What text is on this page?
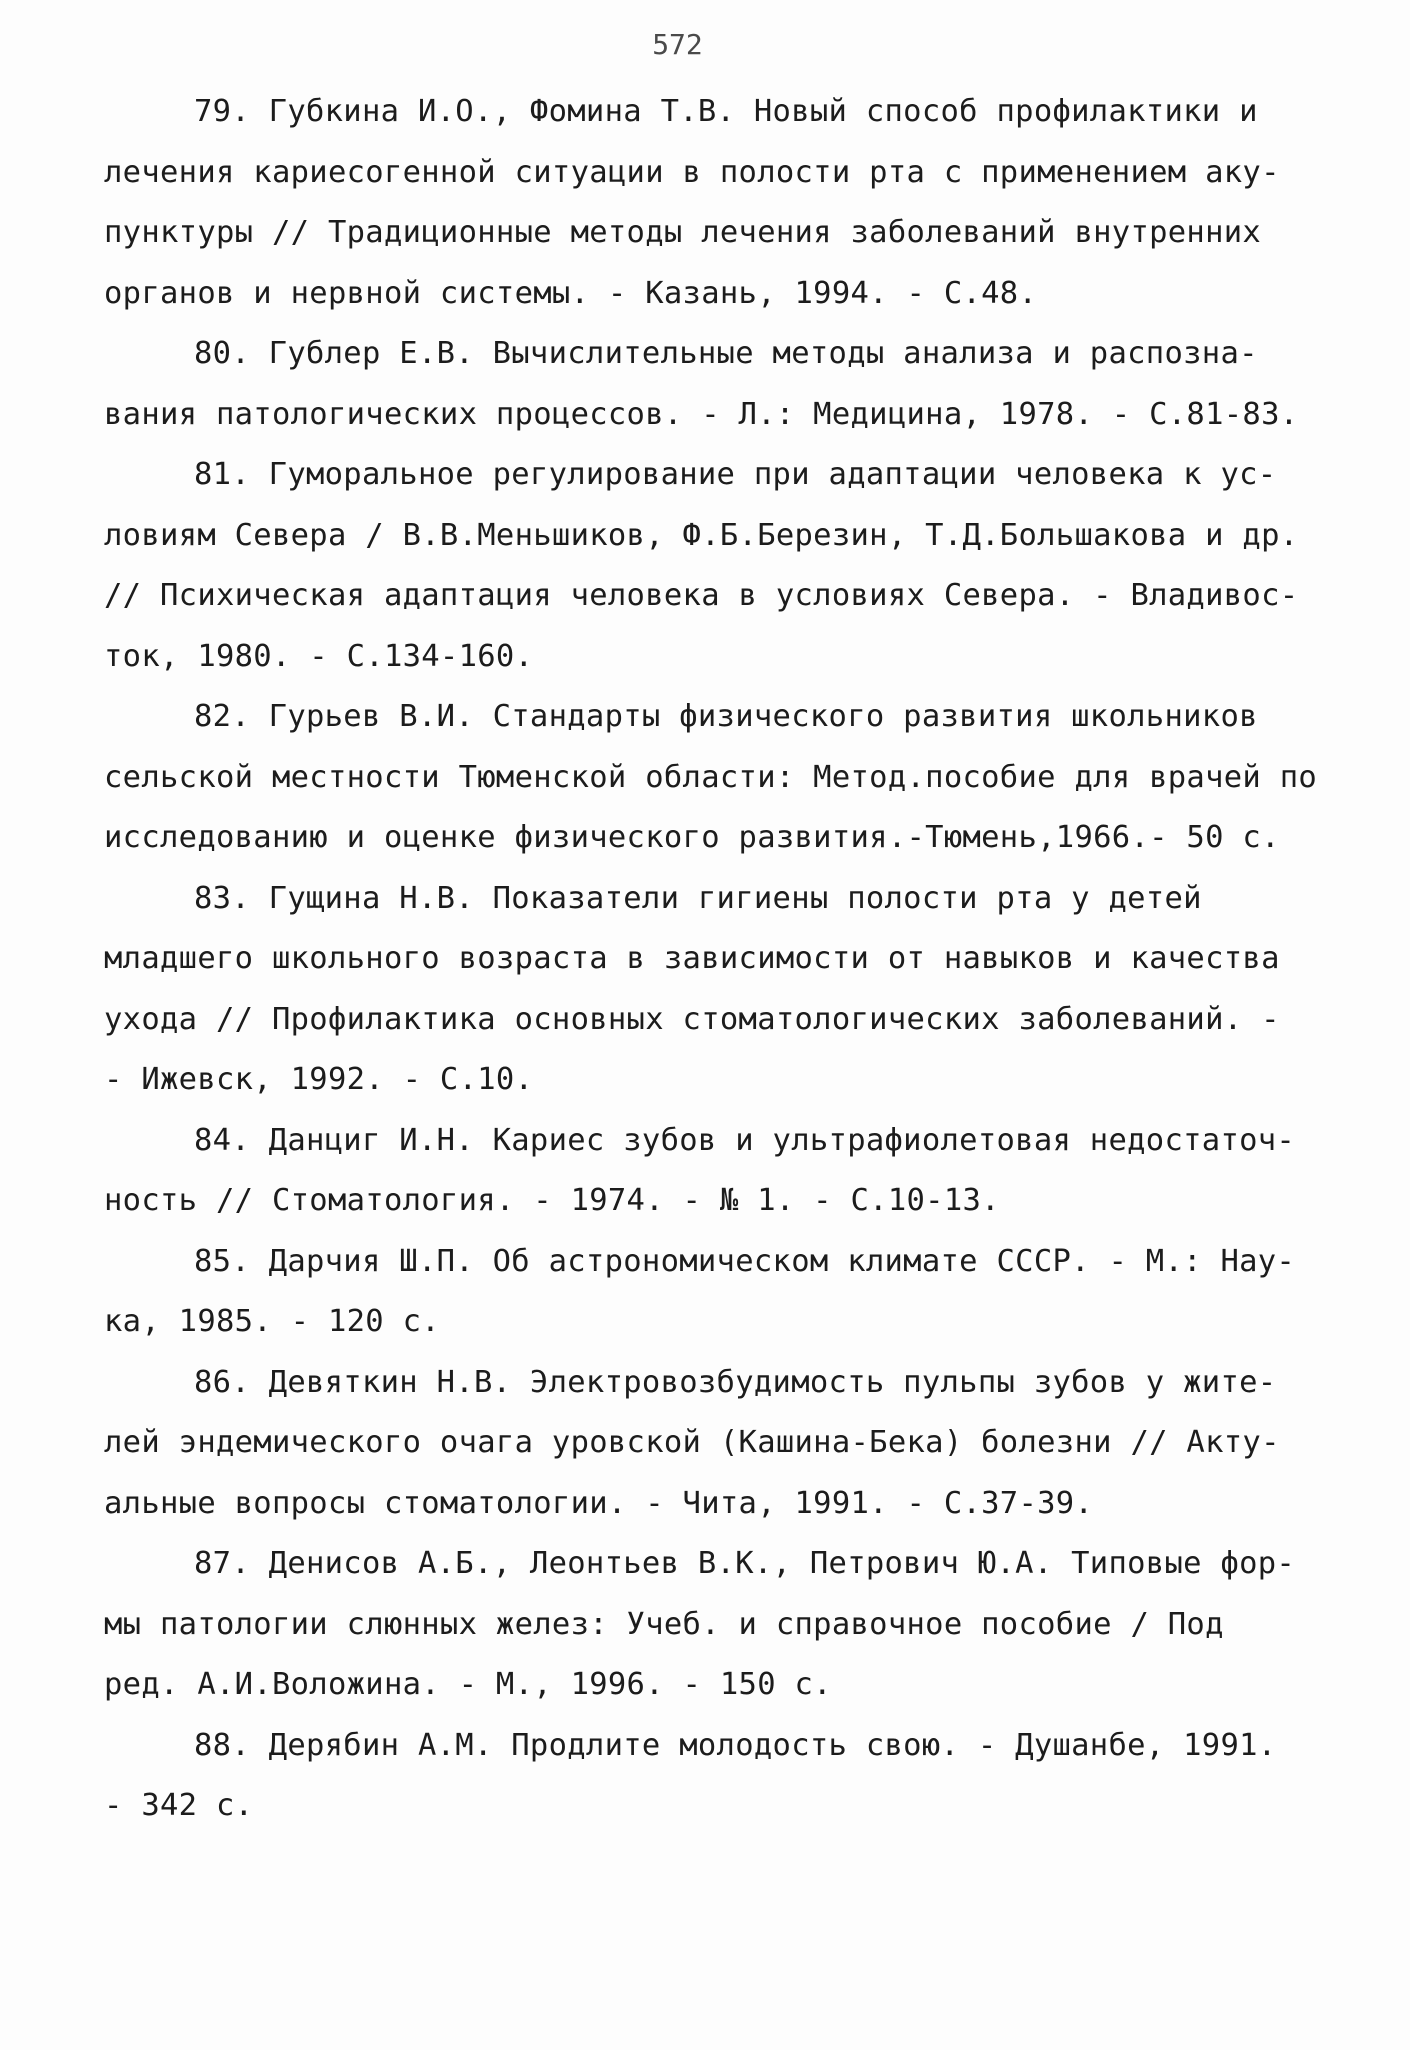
572
79. Губкина И.О., Фомина Т.В. Новый способ профилактики и
лечения кариесогенной ситуации в полости рта с применением аку-
пунктуры // Традиционные методы лечения заболеваний внутренних
органов и нервной системы. - Казань, 1994. - С.48.
80. Гублер Е.В. Вычислительные методы анализа и распозна-
вания патологических процессов. - Л.: Медицина, 1978. - С.81-83.
81. Гуморальное регулирование при адаптации человека к ус-
ловиям Севера / В.В.Меньшиков, Ф.Б.Березин, Т.Д.Большакова и др.
// Психическая адаптация человека в условиях Севера. - Владивос-
ток, 1980. - С.134-160.
82. Гурьев В.И. Стандарты физического развития школьников
сельской местности Тюменской области: Метод.пособие для врачей по
исследованию и оценке физического развития.-Тюмень,1966.- 50 с.
83. Гущина Н.В. Показатели гигиены полости рта у детей
младшего школьного возраста в зависимости от навыков и качества
ухода // Профилактика основных стоматологических заболеваний. -
- Ижевск, 1992. - С.10.
84. Данциг И.Н. Кариес зубов и ультрафиолетовая недостаточ-
ность // Стоматология. - 1974. - № 1. - С.10-13.
85. Дарчия Ш.П. Об астрономическом климате СССР. - М.: Нау-
ка, 1985. - 120 с.
86. Девяткин Н.В. Электровозбудимость пульпы зубов у жите-
лей эндемического очага уровской (Кашина-Бека) болезни // Акту-
альные вопросы стоматологии. - Чита, 1991. - С.37-39.
87. Денисов А.Б., Леонтьев В.К., Петрович Ю.А. Типовые фор-
мы патологии слюнных желез: Учеб. и справочное пособие / Под
ред. А.И.Воложина. - М., 1996. - 150 с.
88. Дерябин А.М. Продлите молодость свою. - Душанбе, 1991.
- 342 с.
